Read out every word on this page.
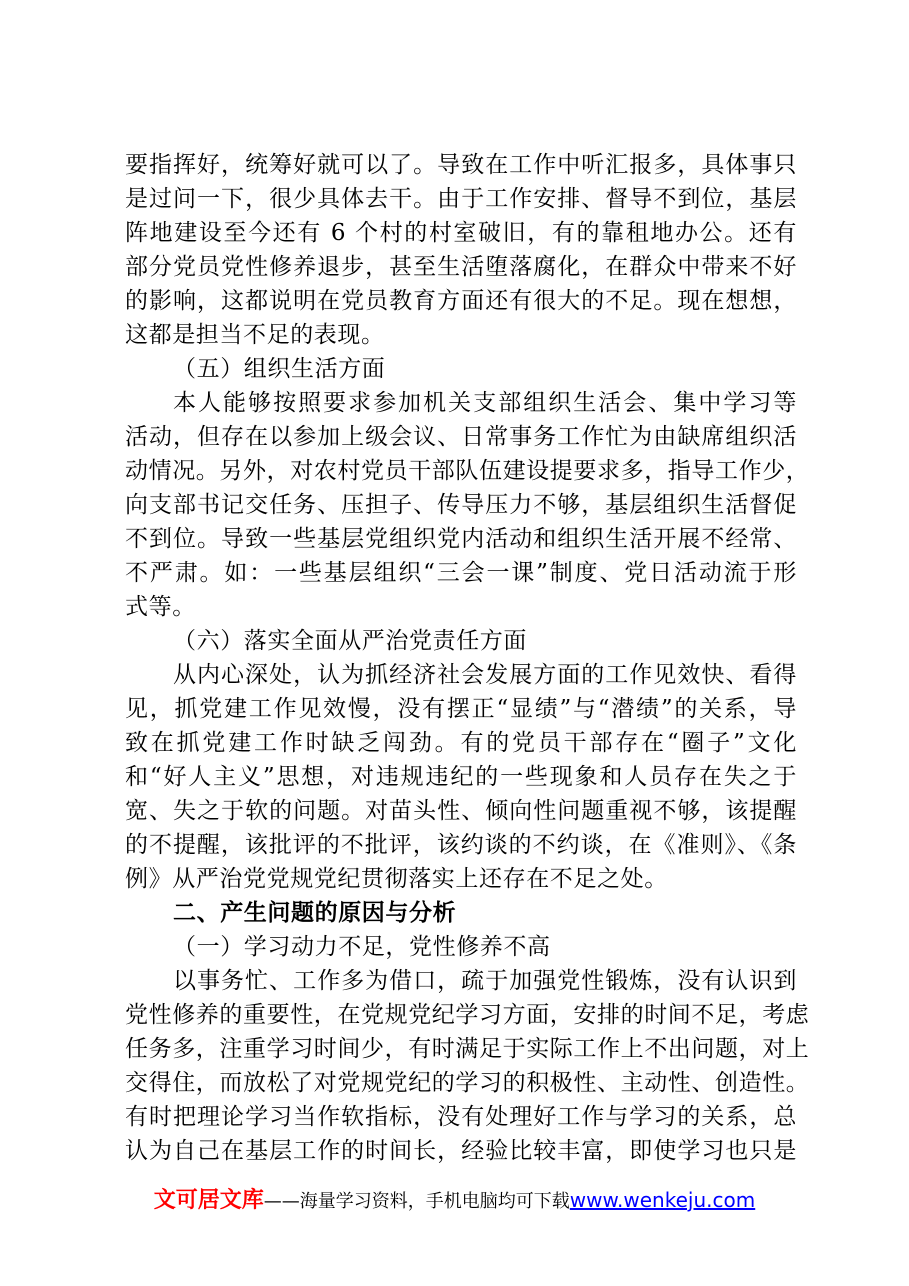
要指挥好，统筹好就可以了。导致在工作中听汇报多，具体事只
是过问一下，很少具体去干。由于工作安排、督导不到位，基层
阵地建设至今还有 6 个村的村室破旧，有的靠租地办公。还有
部分党员党性修养退步，甚至生活堕落腐化，在群众中带来不好
的影响，这都说明在党员教育方面还有很大的不足。现在想想，
这都是担当不足的表现。
（五）组织生活方面
本人能够按照要求参加机关支部组织生活会、集中学习等
活动，但存在以参加上级会议、日常事务工作忙为由缺席组织活
动情况。另外，对农村党员干部队伍建设提要求多，指导工作少，
向支部书记交任务、压担子、传导压力不够，基层组织生活督促
不到位。导致一些基层党组织党内活动和组织生活开展不经常、
不严肃。如：一些基层组织“三会一课”制度、党日活动流于形
式等。
（六）落实全面从严治党责任方面
从内心深处，认为抓经济社会发展方面的工作见效快、看得
见，抓党建工作见效慢，没有摆正“显绩”与“潜绩”的关系，导
致在抓党建工作时缺乏闯劲。有的党员干部存在“圈子”文化
和“好人主义”思想，对违规违纪的一些现象和人员存在失之于
宽、失之于软的问题。对苗头性、倾向性问题重视不够，该提醒
的不提醒，该批评的不批评，该约谈的不约谈，在《准则》、《条
例》从严治党党规党纪贯彻落实上还存在不足之处。
二、产生问题的原因与分析
（一）学习动力不足，党性修养不高
以事务忙、工作多为借口，疏于加强党性锻炼，没有认识到
党性修养的重要性，在党规党纪学习方面，安排的时间不足，考虑
任务多，注重学习时间少，有时满足于实际工作上不出问题，对上
交得住，而放松了对党规党纪的学习的积极性、主动性、创造性。
有时把理论学习当作软指标，没有处理好工作与学习的关系，总
认为自己在基层工作的时间长，经验比较丰富，即使学习也只是
文可居文库——海量学习资料，手机电脑均可下载www.wenkeju.com
